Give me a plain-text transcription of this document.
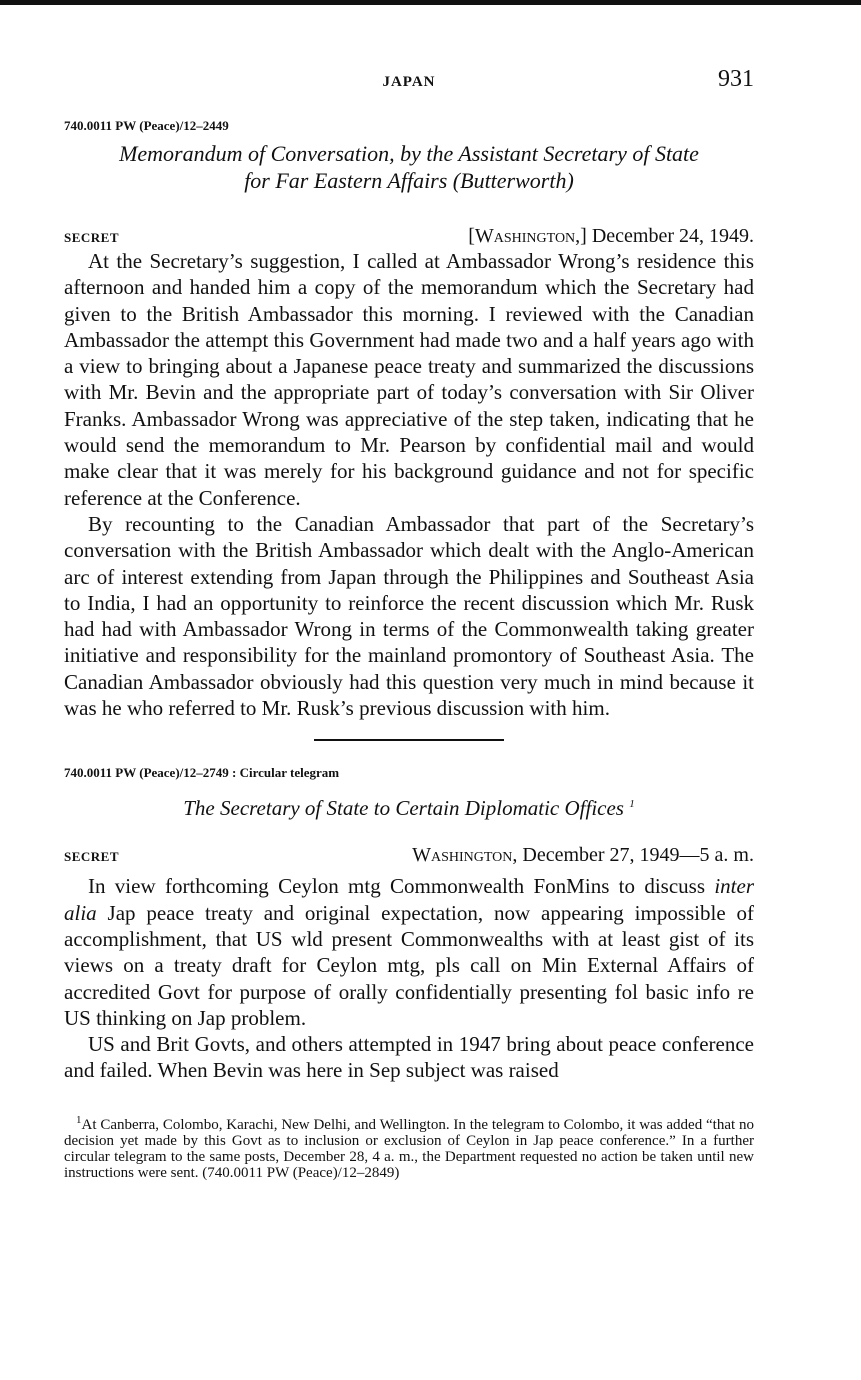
JAPAN	931
740.0011 PW (Peace)/12–2449
Memorandum of Conversation, by the Assistant Secretary of State
for Far Eastern Affairs (Butterworth)
SECRET	[Washington,] December 24, 1949.

At the Secretary’s suggestion, I called at Ambassador Wrong’s residence this afternoon and handed him a copy of the memorandum which the Secretary had given to the British Ambassador this morning. I reviewed with the Canadian Ambassador the attempt this Government had made two and a half years ago with a view to bringing about a Japanese peace treaty and summarized the discussions with Mr. Bevin and the appropriate part of today’s conversation with Sir Oliver Franks. Ambassador Wrong was appreciative of the step taken, indicating that he would send the memorandum to Mr. Pearson by confidential mail and would make clear that it was merely for his background guidance and not for specific reference at the Conference.

By recounting to the Canadian Ambassador that part of the Secretary’s conversation with the British Ambassador which dealt with the Anglo-American arc of interest extending from Japan through the Philippines and Southeast Asia to India, I had an opportunity to reinforce the recent discussion which Mr. Rusk had had with Ambassador Wrong in terms of the Commonwealth taking greater initiative and responsibility for the mainland promontory of Southeast Asia. The Canadian Ambassador obviously had this question very much in mind because it was he who referred to Mr. Rusk’s previous discussion with him.

740.0011 PW (Peace)/12–2749 : Circular telegram
The Secretary of State to Certain Diplomatic Offices $^1$
SECRET	Washington, December 27, 1949—5 a. m.

In view forthcoming Ceylon mtg Commonwealth FonMins to discuss inter alia Jap peace treaty and original expectation, now appearing impossible of accomplishment, that US wld present Commonwealths with at least gist of its views on a treaty draft for Ceylon mtg, pls call on Min External Affairs of accredited Govt for purpose of orally confidentially presenting fol basic info re US thinking on Jap problem.

US and Brit Govts, and others attempted in 1947 bring about peace conference and failed. When Bevin was here in Sep subject was raised

$^1$At Canberra, Colombo, Karachi, New Delhi, and Wellington. In the telegram to Colombo, it was added “that no decision yet made by this Govt as to inclusion or exclusion of Ceylon in Jap peace conference.” In a further circular telegram to the same posts, December 28, 4 a. m., the Department requested no action be taken until new instructions were sent. (740.0011 PW (Peace)/12–2849)
